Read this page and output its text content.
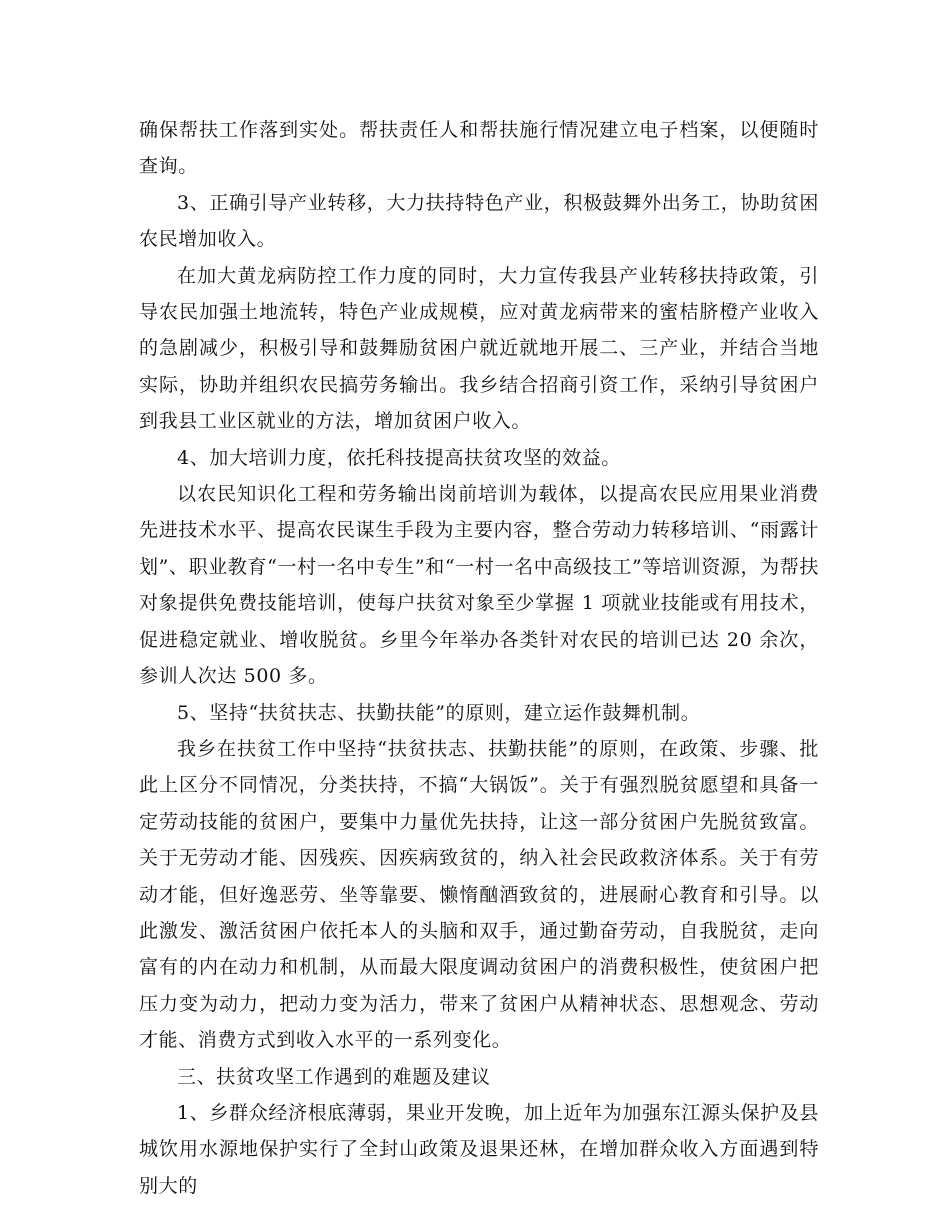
确保帮扶工作落到实处。帮扶责任人和帮扶施行情况建立电子档案，以便随时查询。

3、正确引导产业转移，大力扶持特色产业，积极鼓舞外出务工，协助贫困农民增加收入。

在加大黄龙病防控工作力度的同时，大力宣传我县产业转移扶持政策，引导农民加强土地流转，特色产业成规模，应对黄龙病带来的蜜桔脐橙产业收入的急剧减少，积极引导和鼓舞励贫困户就近就地开展二、三产业，并结合当地实际，协助并组织农民搞劳务输出。我乡结合招商引资工作，采纳引导贫困户到我县工业区就业的方法，增加贫困户收入。

4、加大培训力度，依托科技提高扶贫攻坚的效益。

以农民知识化工程和劳务输出岗前培训为载体，以提高农民应用果业消费先进技术水平、提高农民谋生手段为主要内容，整合劳动力转移培训、“雨露计划”、职业教育“一村一名中专生”和“一村一名中高级技工”等培训资源，为帮扶对象提供免费技能培训，使每户扶贫对象至少掌握 1 项就业技能或有用技术，促进稳定就业、增收脱贫。乡里今年举办各类针对农民的培训已达 20 余次，参训人次达 500 多。

5、坚持“扶贫扶志、扶勤扶能”的原则，建立运作鼓舞机制。

我乡在扶贫工作中坚持“扶贫扶志、扶勤扶能”的原则，在政策、步骤、批此上区分不同情况，分类扶持，不搞“大锅饭”。关于有强烈脱贫愿望和具备一定劳动技能的贫困户，要集中力量优先扶持，让这一部分贫困户先脱贫致富。关于无劳动才能、因残疾、因疾病致贫的，纳入社会民政救济体系。关于有劳动才能，但好逸恶劳、坐等靠要、懒惰酗酒致贫的，进展耐心教育和引导。以此激发、激活贫困户依托本人的头脑和双手，通过勤奋劳动，自我脱贫，走向富有的内在动力和机制，从而最大限度调动贫困户的消费积极性，使贫困户把压力变为动力，把动力变为活力，带来了贫困户从精神状态、思想观念、劳动才能、消费方式到收入水平的一系列变化。

三、扶贫攻坚工作遇到的难题及建议

1、乡群众经济根底薄弱，果业开发晚，加上近年为加强东江源头保护及县城饮用水源地保护实行了全封山政策及退果还林，在增加群众收入方面遇到特别大的
